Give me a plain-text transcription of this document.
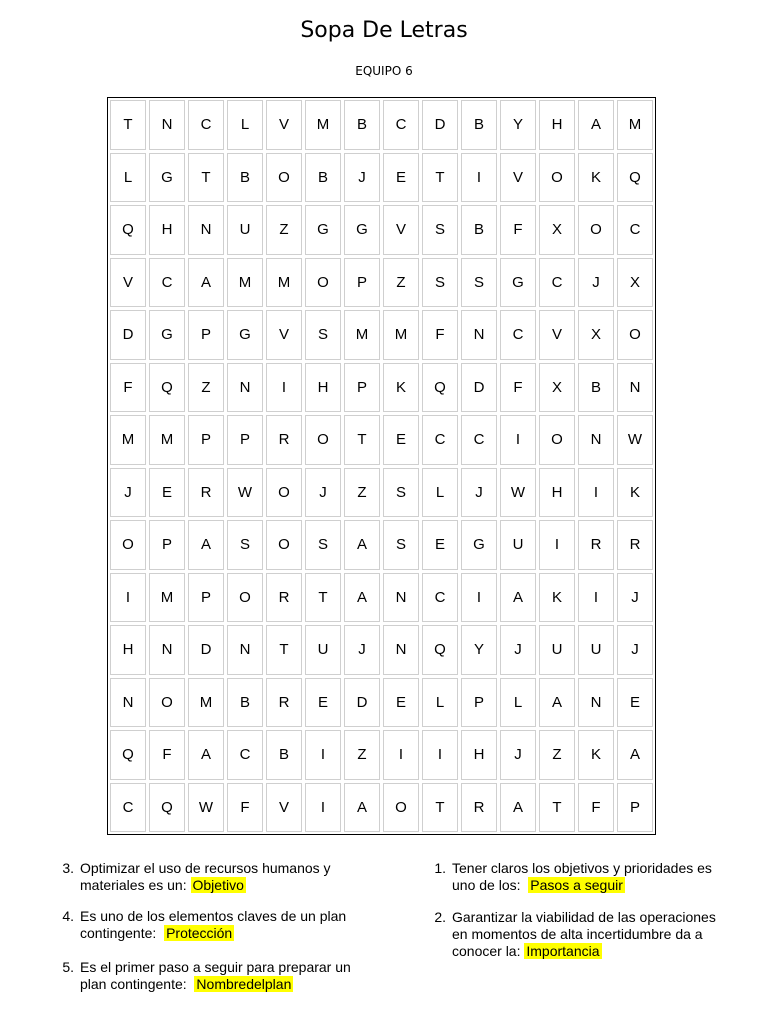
Sopa De Letras
EQUIPO 6
T	N	C	L	V	M	B	C	D	B	Y	H	A	M
L	G	T	B	O	B	J	E	T	I	V	O	K	Q
Q	H	N	U	Z	G	G	V	S	B	F	X	O	C
V	C	A	M	M	O	P	Z	S	S	G	C	J	X
D	G	P	G	V	S	M	M	F	N	C	V	X	O
F	Q	Z	N	I	H	P	K	Q	D	F	X	B	N
M	M	P	P	R	O	T	E	C	C	I	O	N	W
J	E	R	W	O	J	Z	S	L	J	W	H	I	K
O	P	A	S	O	S	A	S	E	G	U	I	R	R
I	M	P	O	R	T	A	N	C	I	A	K	I	J
H	N	D	N	T	U	J	N	Q	Y	J	U	U	J
N	O	M	B	R	E	D	E	L	P	L	A	N	E
Q	F	A	C	B	I	Z	I	I	H	J	Z	K	A
C	Q	W	F	V	I	A	O	T	R	A	T	F	P
3. Optimizar el uso de recursos humanos y
materiales es un: Objetivo
4. Es uno de los elementos claves de un plan
contingente: Protección
5. Es el primer paso a seguir para preparar un
plan contingente: Nombredelplan
1. Tener claros los objetivos y prioridades es
uno de los: Pasos a seguir
2. Garantizar la viabilidad de las operaciones
en momentos de alta incertidumbre da a
conocer la: Importancia
